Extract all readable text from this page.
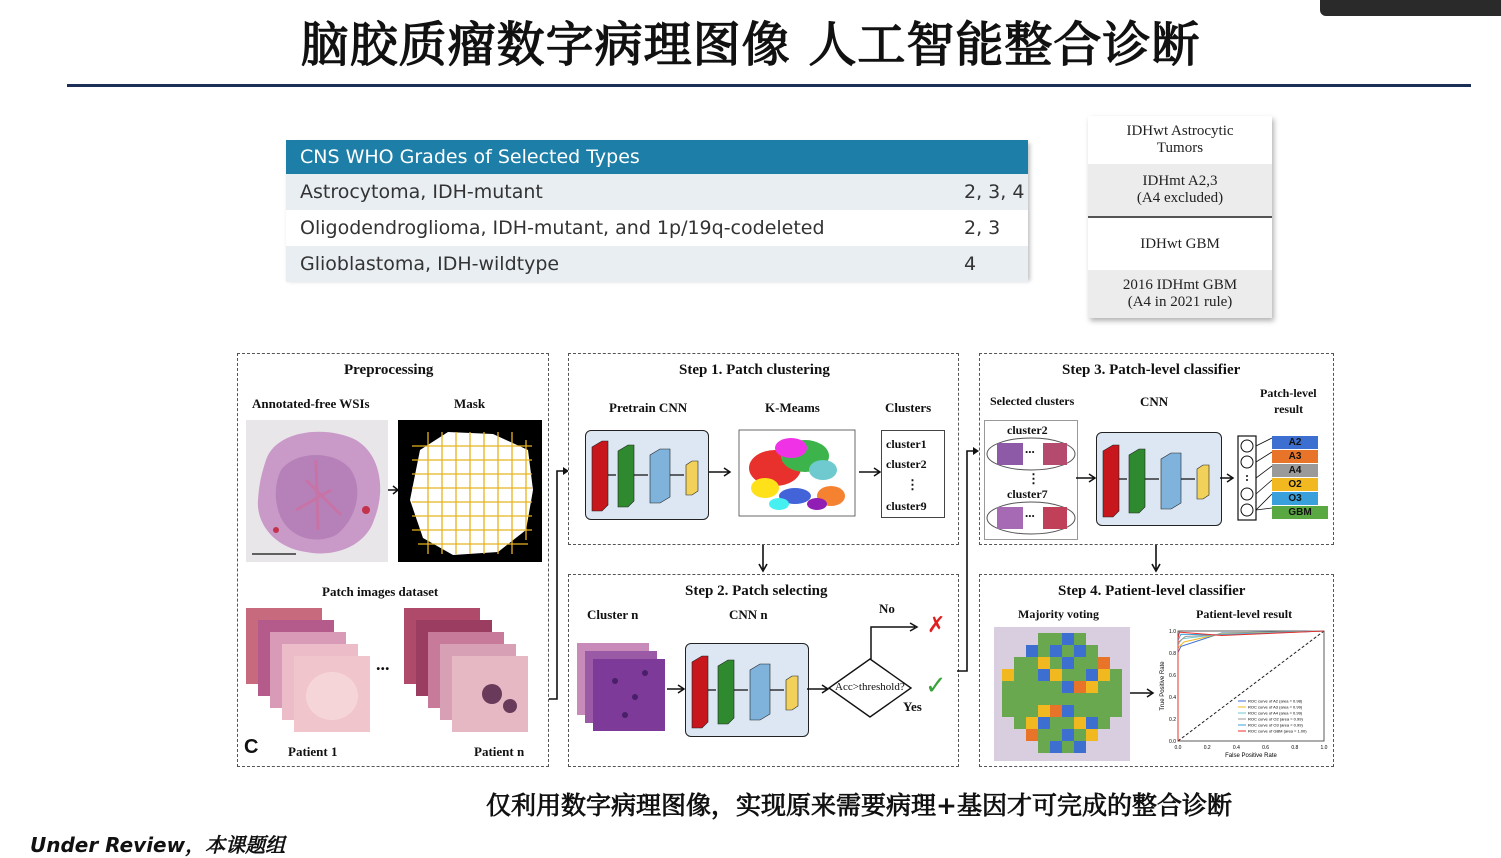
脑胶质瘤数字病理图像 人工智能整合诊断
CNS WHO Grades of Selected Types
Astrocytoma, IDH-mutant	2, 3, 4
Oligodendroglioma, IDH-mutant, and 1p/19q-codeleted	2, 3
Glioblastoma, IDH-wildtype	4
IDHwt Astrocytic
Tumors
IDHmt A2,3
(A4 excluded)
IDHwt GBM
2016 IDHmt GBM
(A4 in 2021 rule)
Preprocessing
Annotated-free WSIs	Mask
Patch images dataset
...
Patient 1	Patient n
C
Step 1. Patch clustering
Pretrain CNN	K-Meams	Clusters
cluster1
cluster2
⋮
cluster9
Step 2. Patch selecting
Cluster n	CNN n
Acc>threshold?
No
✗
✓
Yes
Step 3. Patch-level classifier
Selected clusters	CNN
Patch-level
result
cluster2
...
⋮
cluster7
...
A2
A3
A4
O2
O3
GBM
Step 4. Patient-level classifier
Majority voting	Patient-level result
0.0
0.0
0.2
0.2
0.4
0.4
0.6
0.6
0.8
0.8
1.0
1.0
False Positive Rate
True Positive Rate	ROC curve of A2 (area = 0.98)
ROC curve of A3 (area = 0.99)
ROC curve of A4 (area = 0.99)
ROC curve of O2 (area = 0.99)
ROC curve of O3 (area = 0.99)
ROC curve of GBM (area = 1.00)
仅利用数字病理图像，实现原来需要病理+基因才可完成的整合诊断
Under Review，本课题组
